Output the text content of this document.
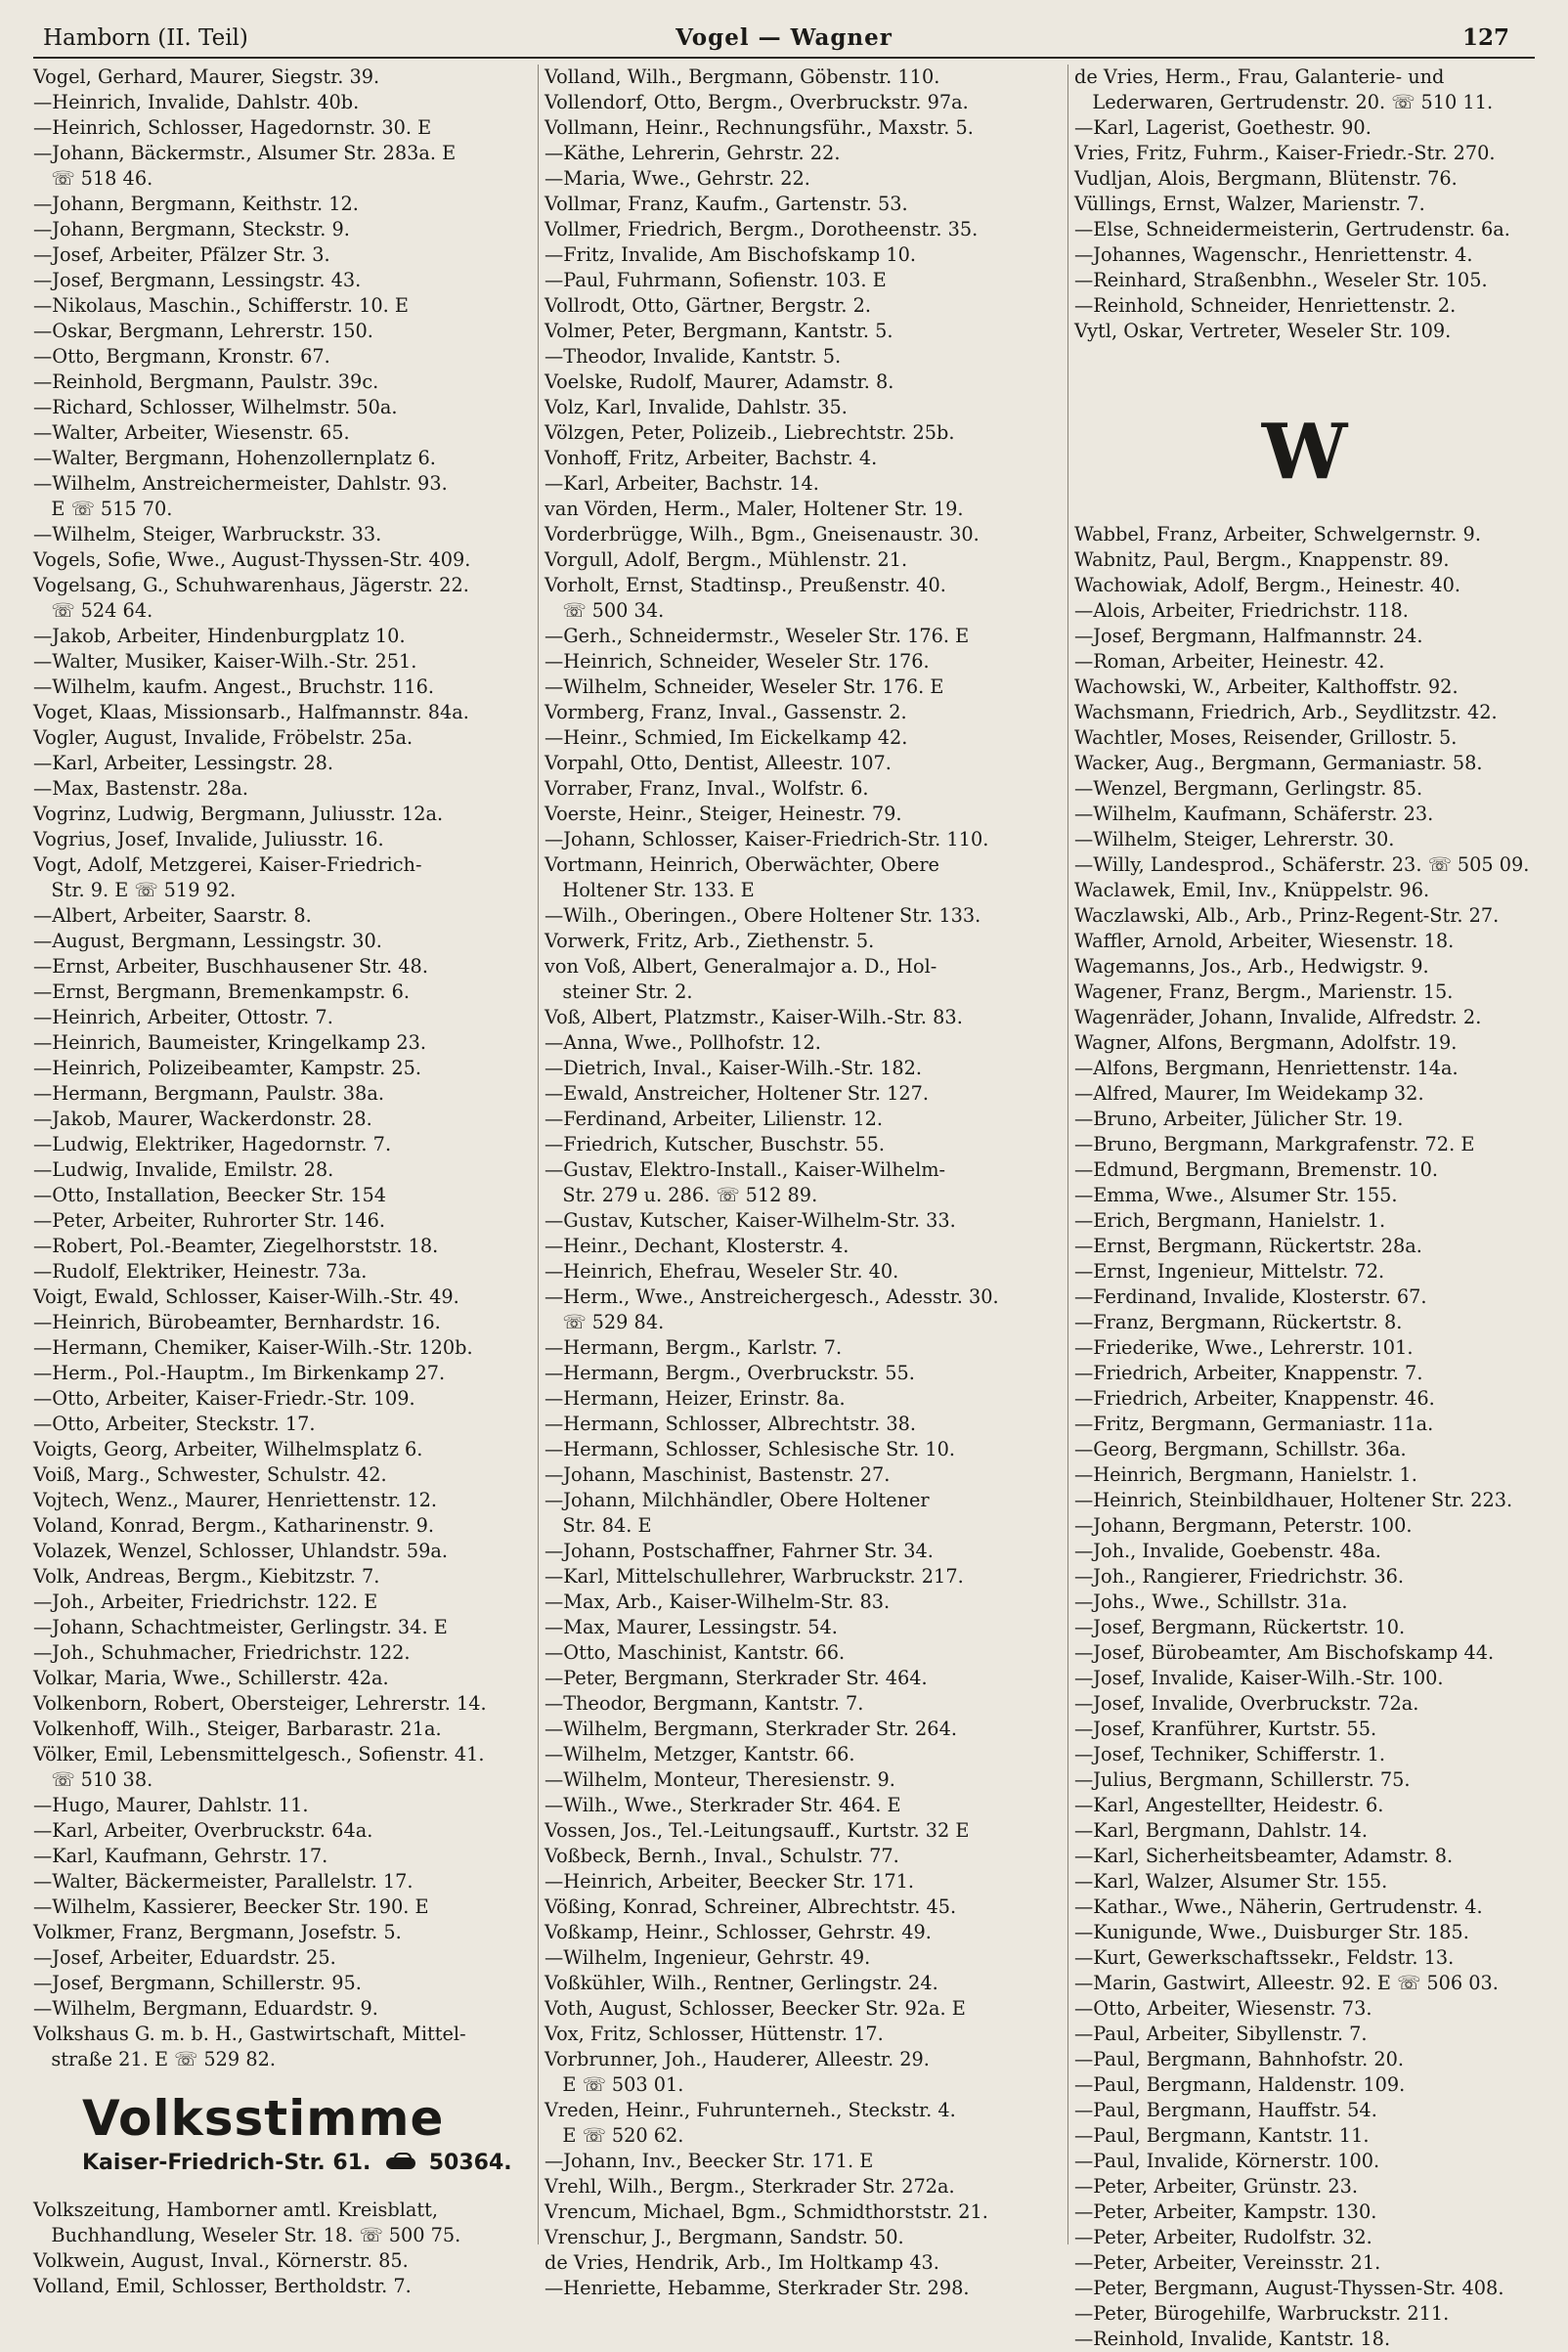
Hamborn (II. Teil)	Vogel — Wagner	127
Vogel, Gerhard, Maurer, Siegstr. 39.
—Heinrich, Invalide, Dahlstr. 40b.
—Heinrich, Schlosser, Hagedornstr. 30. E
—Johann, Bäckermstr., Alsumer Str. 283a. E
☏ 518 46.
—Johann, Bergmann, Keithstr. 12.
—Johann, Bergmann, Steckstr. 9.
—Josef, Arbeiter, Pfälzer Str. 3.
—Josef, Bergmann, Lessingstr. 43.
—Nikolaus, Maschin., Schifferstr. 10. E
—Oskar, Bergmann, Lehrerstr. 150.
—Otto, Bergmann, Kronstr. 67.
—Reinhold, Bergmann, Paulstr. 39c.
—Richard, Schlosser, Wilhelmstr. 50a.
—Walter, Arbeiter, Wiesenstr. 65.
—Walter, Bergmann, Hohenzollernplatz 6.
—Wilhelm, Anstreichermeister, Dahlstr. 93.
E ☏ 515 70.
—Wilhelm, Steiger, Warbruckstr. 33.
Vogels, Sofie, Wwe., August-Thyssen-Str. 409.
Vogelsang, G., Schuhwarenhaus, Jägerstr. 22.
☏ 524 64.
—Jakob, Arbeiter, Hindenburgplatz 10.
—Walter, Musiker, Kaiser-Wilh.-Str. 251.
—Wilhelm, kaufm. Angest., Bruchstr. 116.
Voget, Klaas, Missionsarb., Halfmannstr. 84a.
Vogler, August, Invalide, Fröbelstr. 25a.
—Karl, Arbeiter, Lessingstr. 28.
—Max, Bastenstr. 28a.
Vogrinz, Ludwig, Bergmann, Juliusstr. 12a.
Vogrius, Josef, Invalide, Juliusstr. 16.
Vogt, Adolf, Metzgerei, Kaiser-Friedrich-
Str. 9. E ☏ 519 92.
—Albert, Arbeiter, Saarstr. 8.
—August, Bergmann, Lessingstr. 30.
—Ernst, Arbeiter, Buschhausener Str. 48.
—Ernst, Bergmann, Bremenkampstr. 6.
—Heinrich, Arbeiter, Ottostr. 7.
—Heinrich, Baumeister, Kringelkamp 23.
—Heinrich, Polizeibeamter, Kampstr. 25.
—Hermann, Bergmann, Paulstr. 38a.
—Jakob, Maurer, Wackerdonstr. 28.
—Ludwig, Elektriker, Hagedornstr. 7.
—Ludwig, Invalide, Emilstr. 28.
—Otto, Installation, Beecker Str. 154
—Peter, Arbeiter, Ruhrorter Str. 146.
—Robert, Pol.-Beamter, Ziegelhorststr. 18.
—Rudolf, Elektriker, Heinestr. 73a.
Voigt, Ewald, Schlosser, Kaiser-Wilh.-Str. 49.
—Heinrich, Bürobeamter, Bernhardstr. 16.
—Hermann, Chemiker, Kaiser-Wilh.-Str. 120b.
—Herm., Pol.-Hauptm., Im Birkenkamp 27.
—Otto, Arbeiter, Kaiser-Friedr.-Str. 109.
—Otto, Arbeiter, Steckstr. 17.
Voigts, Georg, Arbeiter, Wilhelmsplatz 6.
Voiß, Marg., Schwester, Schulstr. 42.
Vojtech, Wenz., Maurer, Henriettenstr. 12.
Voland, Konrad, Bergm., Katharinenstr. 9.
Volazek, Wenzel, Schlosser, Uhlandstr. 59a.
Volk, Andreas, Bergm., Kiebitzstr. 7.
—Joh., Arbeiter, Friedrichstr. 122. E
—Johann, Schachtmeister, Gerlingstr. 34. E
—Joh., Schuhmacher, Friedrichstr. 122.
Volkar, Maria, Wwe., Schillerstr. 42a.
Volkenborn, Robert, Obersteiger, Lehrerstr. 14.
Volkenhoff, Wilh., Steiger, Barbarastr. 21a.
Völker, Emil, Lebensmittelgesch., Sofienstr. 41.
☏ 510 38.
—Hugo, Maurer, Dahlstr. 11.
—Karl, Arbeiter, Overbruckstr. 64a.
—Karl, Kaufmann, Gehrstr. 17.
—Walter, Bäckermeister, Parallelstr. 17.
—Wilhelm, Kassierer, Beecker Str. 190. E
Volkmer, Franz, Bergmann, Josefstr. 5.
—Josef, Arbeiter, Eduardstr. 25.
—Josef, Bergmann, Schillerstr. 95.
—Wilhelm, Bergmann, Eduardstr. 9.
Volkshaus G. m. b. H., Gastwirtschaft, Mittel-
straße 21. E ☏ 529 82.
Volksstimme
Kaiser-Friedrich-Str. 61.	50364.
Volkszeitung, Hamborner amtl. Kreisblatt,
Buchhandlung, Weseler Str. 18. ☏ 500 75.
Volkwein, August, Inval., Körnerstr. 85.
Volland, Emil, Schlosser, Bertholdstr. 7.
Volland, Wilh., Bergmann, Göbenstr. 110.
Vollendorf, Otto, Bergm., Overbruckstr. 97a.
Vollmann, Heinr., Rechnungsführ., Maxstr. 5.
—Käthe, Lehrerin, Gehrstr. 22.
—Maria, Wwe., Gehrstr. 22.
Vollmar, Franz, Kaufm., Gartenstr. 53.
Vollmer, Friedrich, Bergm., Dorotheenstr. 35.
—Fritz, Invalide, Am Bischofskamp 10.
—Paul, Fuhrmann, Sofienstr. 103. E
Vollrodt, Otto, Gärtner, Bergstr. 2.
Volmer, Peter, Bergmann, Kantstr. 5.
—Theodor, Invalide, Kantstr. 5.
Voelske, Rudolf, Maurer, Adamstr. 8.
Volz, Karl, Invalide, Dahlstr. 35.
Völzgen, Peter, Polizeib., Liebrechtstr. 25b.
Vonhoff, Fritz, Arbeiter, Bachstr. 4.
—Karl, Arbeiter, Bachstr. 14.
van Vörden, Herm., Maler, Holtener Str. 19.
Vorderbrügge, Wilh., Bgm., Gneisenaustr. 30.
Vorgull, Adolf, Bergm., Mühlenstr. 21.
Vorholt, Ernst, Stadtinsp., Preußenstr. 40.
☏ 500 34.
—Gerh., Schneidermstr., Weseler Str. 176. E
—Heinrich, Schneider, Weseler Str. 176.
—Wilhelm, Schneider, Weseler Str. 176. E
Vormberg, Franz, Inval., Gassenstr. 2.
—Heinr., Schmied, Im Eickelkamp 42.
Vorpahl, Otto, Dentist, Alleestr. 107.
Vorraber, Franz, Inval., Wolfstr. 6.
Voerste, Heinr., Steiger, Heinestr. 79.
—Johann, Schlosser, Kaiser-Friedrich-Str. 110.
Vortmann, Heinrich, Oberwächter, Obere
Holtener Str. 133. E
—Wilh., Oberingen., Obere Holtener Str. 133.
Vorwerk, Fritz, Arb., Ziethenstr. 5.
von Voß, Albert, Generalmajor a. D., Hol-
steiner Str. 2.
Voß, Albert, Platzmstr., Kaiser-Wilh.-Str. 83.
—Anna, Wwe., Pollhofstr. 12.
—Dietrich, Inval., Kaiser-Wilh.-Str. 182.
—Ewald, Anstreicher, Holtener Str. 127.
—Ferdinand, Arbeiter, Lilienstr. 12.
—Friedrich, Kutscher, Buschstr. 55.
—Gustav, Elektro-Install., Kaiser-Wilhelm-
Str. 279 u. 286. ☏ 512 89.
—Gustav, Kutscher, Kaiser-Wilhelm-Str. 33.
—Heinr., Dechant, Klosterstr. 4.
—Heinrich, Ehefrau, Weseler Str. 40.
—Herm., Wwe., Anstreichergesch., Adesstr. 30.
☏ 529 84.
—Hermann, Bergm., Karlstr. 7.
—Hermann, Bergm., Overbruckstr. 55.
—Hermann, Heizer, Erinstr. 8a.
—Hermann, Schlosser, Albrechtstr. 38.
—Hermann, Schlosser, Schlesische Str. 10.
—Johann, Maschinist, Bastenstr. 27.
—Johann, Milchhändler, Obere Holtener
Str. 84. E
—Johann, Postschaffner, Fahrner Str. 34.
—Karl, Mittelschullehrer, Warbruckstr. 217.
—Max, Arb., Kaiser-Wilhelm-Str. 83.
—Max, Maurer, Lessingstr. 54.
—Otto, Maschinist, Kantstr. 66.
—Peter, Bergmann, Sterkrader Str. 464.
—Theodor, Bergmann, Kantstr. 7.
—Wilhelm, Bergmann, Sterkrader Str. 264.
—Wilhelm, Metzger, Kantstr. 66.
—Wilhelm, Monteur, Theresienstr. 9.
—Wilh., Wwe., Sterkrader Str. 464. E
Vossen, Jos., Tel.-Leitungsauff., Kurtstr. 32 E
Voßbeck, Bernh., Inval., Schulstr. 77.
—Heinrich, Arbeiter, Beecker Str. 171.
Vößing, Konrad, Schreiner, Albrechtstr. 45.
Voßkamp, Heinr., Schlosser, Gehrstr. 49.
—Wilhelm, Ingenieur, Gehrstr. 49.
Voßkühler, Wilh., Rentner, Gerlingstr. 24.
Voth, August, Schlosser, Beecker Str. 92a. E
Vox, Fritz, Schlosser, Hüttenstr. 17.
Vorbrunner, Joh., Hauderer, Alleestr. 29.
E ☏ 503 01.
Vreden, Heinr., Fuhrunterneh., Steckstr. 4.
E ☏ 520 62.
—Johann, Inv., Beecker Str. 171. E
Vrehl, Wilh., Bergm., Sterkrader Str. 272a.
Vrencum, Michael, Bgm., Schmidthorststr. 21.
Vrenschur, J., Bergmann, Sandstr. 50.
de Vries, Hendrik, Arb., Im Holtkamp 43.
—Henriette, Hebamme, Sterkrader Str. 298.
de Vries, Herm., Frau, Galanterie- und
Lederwaren, Gertrudenstr. 20. ☏ 510 11.
—Karl, Lagerist, Goethestr. 90.
Vries, Fritz, Fuhrm., Kaiser-Friedr.-Str. 270.
Vudljan, Alois, Bergmann, Blütenstr. 76.
Vüllings, Ernst, Walzer, Marienstr. 7.
—Else, Schneidermeisterin, Gertrudenstr. 6a.
—Johannes, Wagenschr., Henriettenstr. 4.
—Reinhard, Straßenbhn., Weseler Str. 105.
—Reinhold, Schneider, Henriettenstr. 2.
Vytl, Oskar, Vertreter, Weseler Str. 109.
W
Wabbel, Franz, Arbeiter, Schwelgernstr. 9.
Wabnitz, Paul, Bergm., Knappenstr. 89.
Wachowiak, Adolf, Bergm., Heinestr. 40.
—Alois, Arbeiter, Friedrichstr. 118.
—Josef, Bergmann, Halfmannstr. 24.
—Roman, Arbeiter, Heinestr. 42.
Wachowski, W., Arbeiter, Kalthoffstr. 92.
Wachsmann, Friedrich, Arb., Seydlitzstr. 42.
Wachtler, Moses, Reisender, Grillostr. 5.
Wacker, Aug., Bergmann, Germaniastr. 58.
—Wenzel, Bergmann, Gerlingstr. 85.
—Wilhelm, Kaufmann, Schäferstr. 23.
—Wilhelm, Steiger, Lehrerstr. 30.
—Willy, Landesprod., Schäferstr. 23. ☏ 505 09.
Waclawek, Emil, Inv., Knüppelstr. 96.
Waczlawski, Alb., Arb., Prinz-Regent-Str. 27.
Waffler, Arnold, Arbeiter, Wiesenstr. 18.
Wagemanns, Jos., Arb., Hedwigstr. 9.
Wagener, Franz, Bergm., Marienstr. 15.
Wagenräder, Johann, Invalide, Alfredstr. 2.
Wagner, Alfons, Bergmann, Adolfstr. 19.
—Alfons, Bergmann, Henriettenstr. 14a.
—Alfred, Maurer, Im Weidekamp 32.
—Bruno, Arbeiter, Jülicher Str. 19.
—Bruno, Bergmann, Markgrafenstr. 72. E
—Edmund, Bergmann, Bremenstr. 10.
—Emma, Wwe., Alsumer Str. 155.
—Erich, Bergmann, Hanielstr. 1.
—Ernst, Bergmann, Rückertstr. 28a.
—Ernst, Ingenieur, Mittelstr. 72.
—Ferdinand, Invalide, Klosterstr. 67.
—Franz, Bergmann, Rückertstr. 8.
—Friederike, Wwe., Lehrerstr. 101.
—Friedrich, Arbeiter, Knappenstr. 7.
—Friedrich, Arbeiter, Knappenstr. 46.
—Fritz, Bergmann, Germaniastr. 11a.
—Georg, Bergmann, Schillstr. 36a.
—Heinrich, Bergmann, Hanielstr. 1.
—Heinrich, Steinbildhauer, Holtener Str. 223.
—Johann, Bergmann, Peterstr. 100.
—Joh., Invalide, Goebenstr. 48a.
—Joh., Rangierer, Friedrichstr. 36.
—Johs., Wwe., Schillstr. 31a.
—Josef, Bergmann, Rückertstr. 10.
—Josef, Bürobeamter, Am Bischofskamp 44.
—Josef, Invalide, Kaiser-Wilh.-Str. 100.
—Josef, Invalide, Overbruckstr. 72a.
—Josef, Kranführer, Kurtstr. 55.
—Josef, Techniker, Schifferstr. 1.
—Julius, Bergmann, Schillerstr. 75.
—Karl, Angestellter, Heidestr. 6.
—Karl, Bergmann, Dahlstr. 14.
—Karl, Sicherheitsbeamter, Adamstr. 8.
—Karl, Walzer, Alsumer Str. 155.
—Kathar., Wwe., Näherin, Gertrudenstr. 4.
—Kunigunde, Wwe., Duisburger Str. 185.
—Kurt, Gewerkschaftssekr., Feldstr. 13.
—Marin, Gastwirt, Alleestr. 92. E ☏ 506 03.
—Otto, Arbeiter, Wiesenstr. 73.
—Paul, Arbeiter, Sibyllenstr. 7.
—Paul, Bergmann, Bahnhofstr. 20.
—Paul, Bergmann, Haldenstr. 109.
—Paul, Bergmann, Hauffstr. 54.
—Paul, Bergmann, Kantstr. 11.
—Paul, Invalide, Körnerstr. 100.
—Peter, Arbeiter, Grünstr. 23.
—Peter, Arbeiter, Kampstr. 130.
—Peter, Arbeiter, Rudolfstr. 32.
—Peter, Arbeiter, Vereinsstr. 21.
—Peter, Bergmann, August-Thyssen-Str. 408.
—Peter, Bürogehilfe, Warbruckstr. 211.
—Reinhold, Invalide, Kantstr. 18.
